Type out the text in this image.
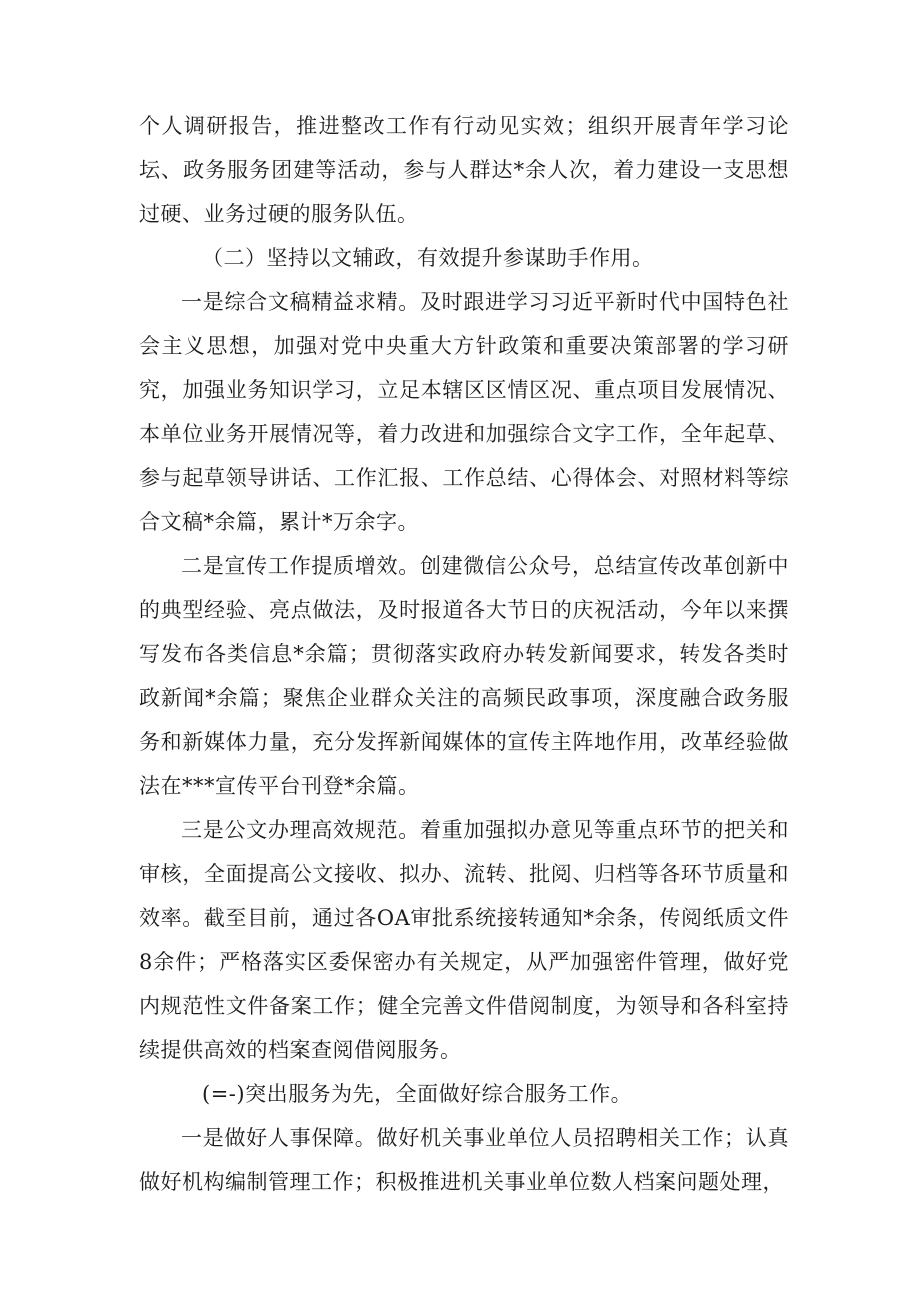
个人调研报告，推进整改工作有行动见实效；组织开展青年学习论坛、政务服务团建等活动，参与人群达*余人次，着力建设一支思想过硬、业务过硬的服务队伍。

（二）坚持以文辅政，有效提升参谋助手作用。

一是综合文稿精益求精。及时跟进学习习近平新时代中国特色社会主义思想，加强对党中央重大方针政策和重要决策部署的学习研究，加强业务知识学习，立足本辖区区情区况、重点项目发展情况、本单位业务开展情况等，着力改进和加强综合文字工作，全年起草、参与起草领导讲话、工作汇报、工作总结、心得体会、对照材料等综合文稿*余篇，累计*万余字。

二是宣传工作提质增效。创建微信公众号，总结宣传改革创新中的典型经验、亮点做法，及时报道各大节日的庆祝活动，今年以来撰写发布各类信息*余篇；贯彻落实政府办转发新闻要求，转发各类时政新闻*余篇；聚焦企业群众关注的高频民政事项，深度融合政务服务和新媒体力量，充分发挥新闻媒体的宣传主阵地作用，改革经验做法在***宣传平台刊登*余篇。

三是公文办理高效规范。着重加强拟办意见等重点环节的把关和审核，全面提高公文接收、拟办、流转、批阅、归档等各环节质量和效率。截至目前，通过各OA审批系统接转通知*余条，传阅纸质文件8余件；严格落实区委保密办有关规定，从严加强密件管理，做好党内规范性文件备案工作；健全完善文件借阅制度，为领导和各科室持续提供高效的档案查阅借阅服务。

(=-)突出服务为先，全面做好综合服务工作。

一是做好人事保障。做好机关事业单位人员招聘相关工作；认真做好机构编制管理工作；积极推进机关事业单位数人档案问题处理，
